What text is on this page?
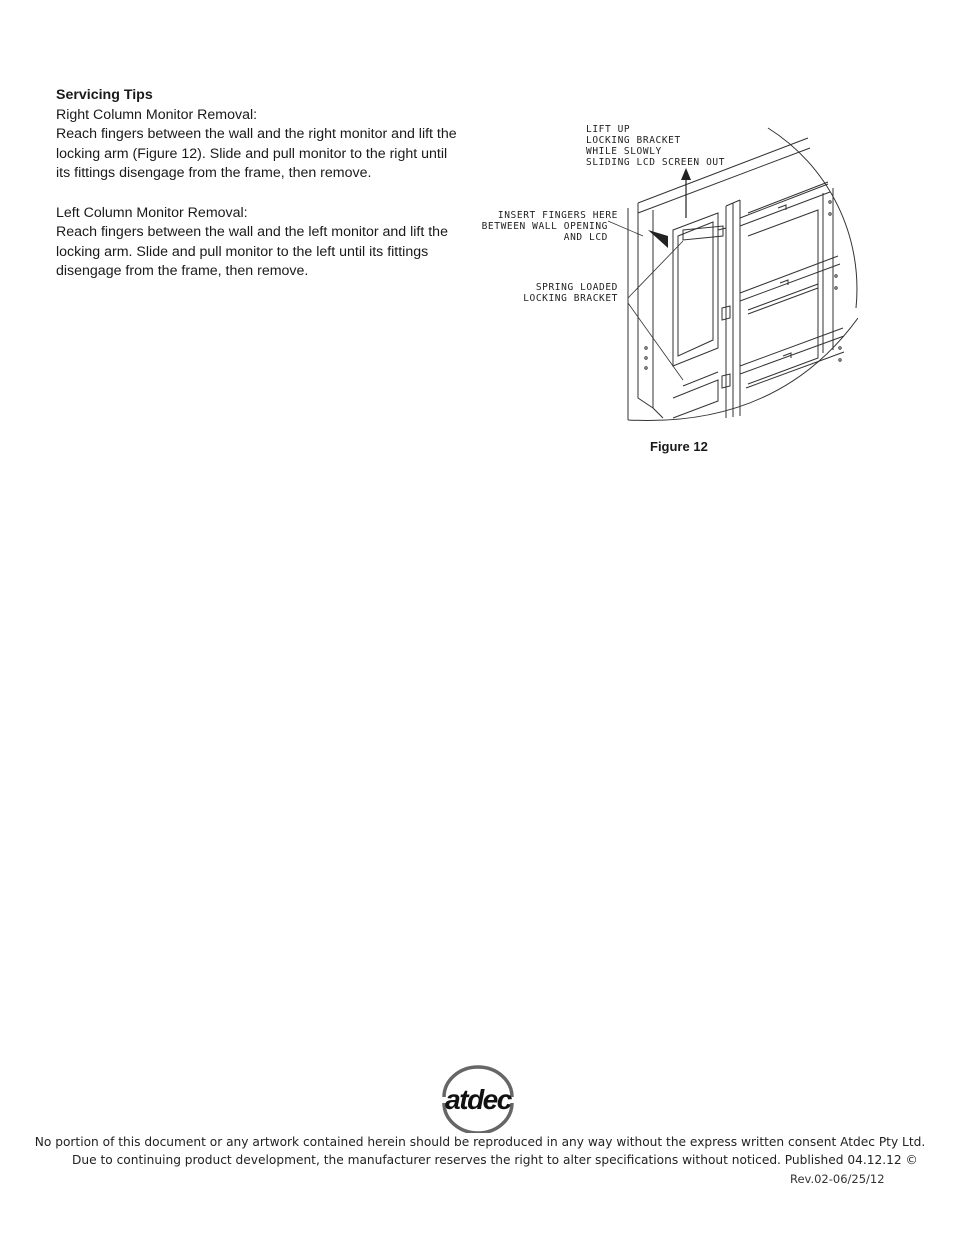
Servicing Tips

Right Column Monitor Removal:

Reach fingers between the wall and the right monitor and lift the

locking arm (Figure 12). Slide and pull monitor to the right until

its fittings disengage from the frame, then remove.

Left Column Monitor Removal:

Reach fingers between the wall and the left monitor and lift the

locking arm. Slide and pull monitor to the left until its fittings

disengage from the frame, then remove.

LIFT UP
LOCKING BRACKET
WHILE SLOWLY
SLIDING LCD SCREEN OUT
INSERT FINGERS HERE
BETWEEN WALL OPENING
AND LCD
SPRING LOADED
LOCKING BRACKET
Figure 12
atdec
No portion of this document or any artwork contained herein should be reproduced in any way without the express written consent Atdec Pty Ltd.
Due to continuing product development, the manufacturer reserves the right to alter specifications without noticed. Published 04.12.12 ©
Rev.02-06/25/12
